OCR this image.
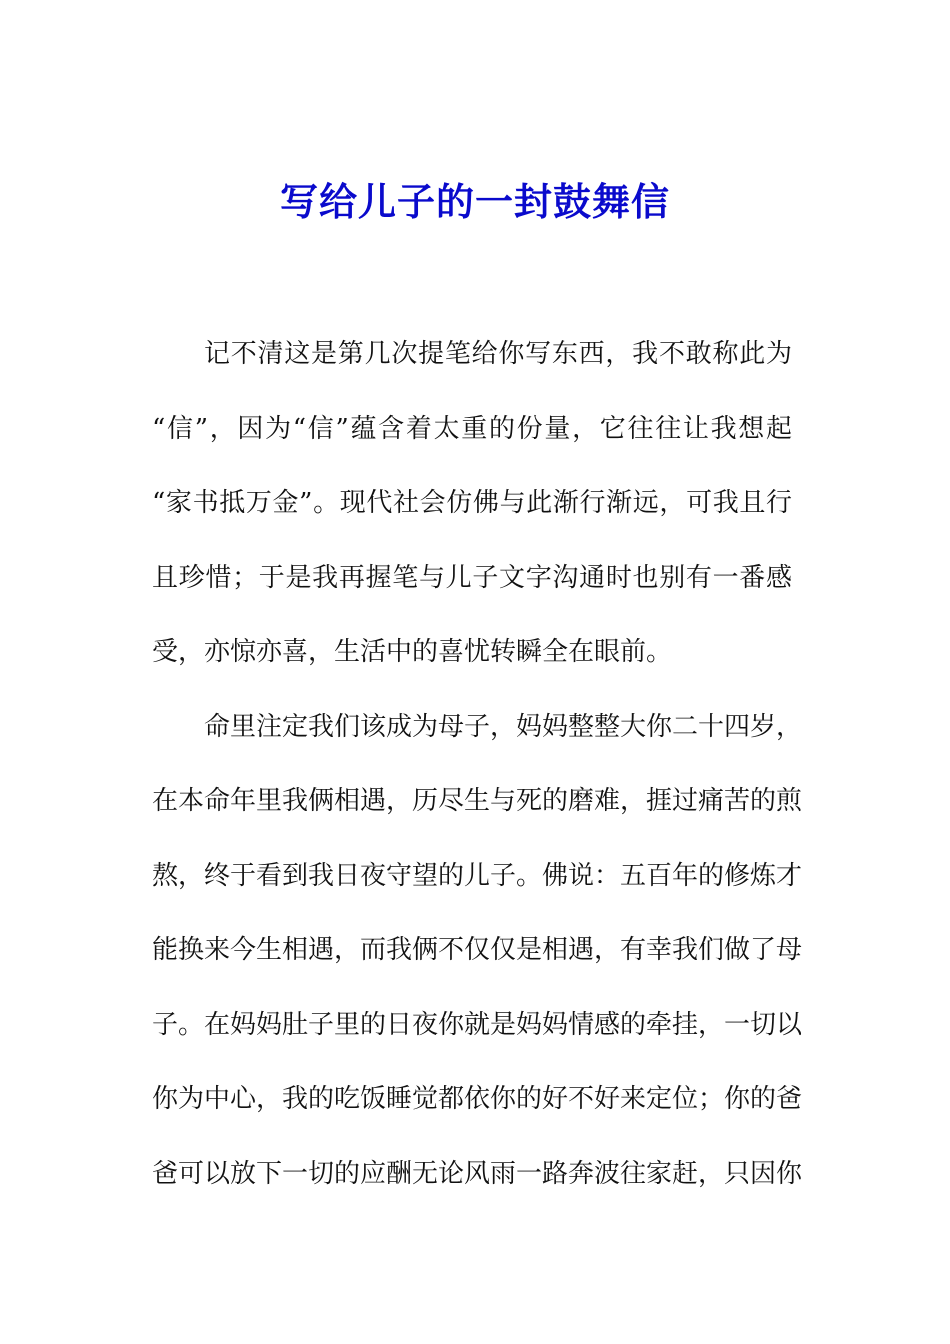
写给儿子的一封鼓舞信
记不清这是第几次提笔给你写东西，我不敢称此为
“信”，因为“信”蕴含着太重的份量，它往往让我想起
“家书抵万金”。现代社会仿佛与此渐行渐远，可我且行
且珍惜；于是我再握笔与儿子文字沟通时也别有一番感
受，亦惊亦喜，生活中的喜忧转瞬全在眼前。
命里注定我们该成为母子，妈妈整整大你二十四岁，
在本命年里我俩相遇，历尽生与死的磨难，捱过痛苦的煎
熬，终于看到我日夜守望的儿子。佛说：五百年的修炼才
能换来今生相遇，而我俩不仅仅是相遇，有幸我们做了母
子。在妈妈肚子里的日夜你就是妈妈情感的牵挂，一切以
你为中心，我的吃饭睡觉都依你的好不好来定位；你的爸
爸可以放下一切的应酬无论风雨一路奔波往家赶，只因你
